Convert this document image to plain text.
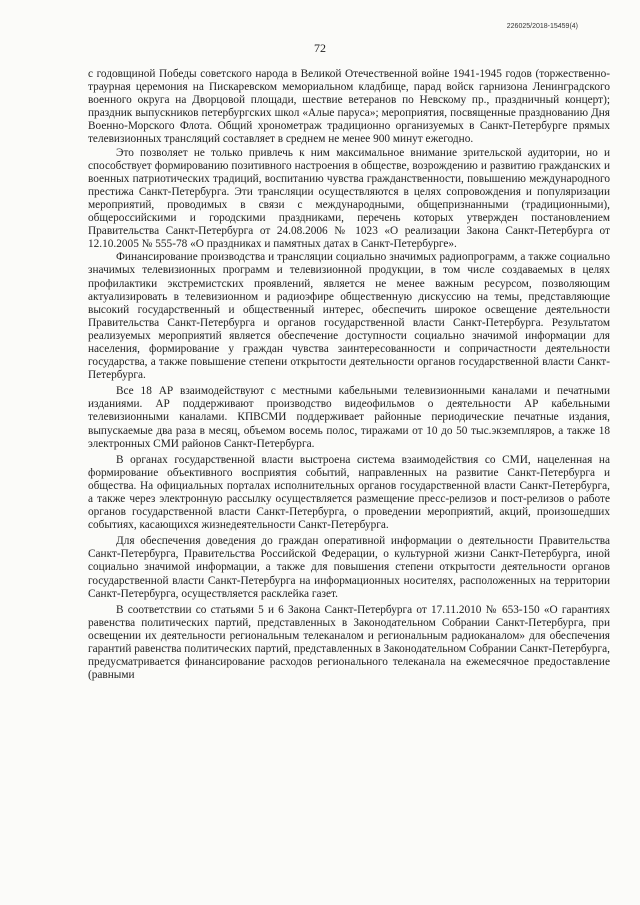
226025/2018-15459(4)
72

с годовщиной Победы советского народа в Великой Отечественной войне 1941-1945 годов (торжественно-траурная церемония на Пискаревском мемориальном кладбище, парад войск гарнизона Ленинградского военного округа на Дворцовой площади, шествие ветеранов по Невскому пр., праздничный концерт); праздник выпускников петербургских школ «Алые паруса»; мероприятия, посвященные празднованию Дня Военно-Морского Флота. Общий хронометраж традиционно организуемых в Санкт-Петербурге прямых телевизионных трансляций составляет в среднем не менее 900 минут ежегодно.

Это позволяет не только привлечь к ним максимальное внимание зрительской аудитории, но и способствует формированию позитивного настроения в обществе, возрождению и развитию гражданских и военных патриотических традиций, воспитанию чувства гражданственности, повышению международного престижа Санкт-Петербурга. Эти трансляции осуществляются в целях сопровождения и популяризации мероприятий, проводимых в связи с международными, общепризнанными (традиционными), общероссийскими и городскими праздниками, перечень которых утвержден постановлением Правительства Санкт-Петербурга от 24.08.2006 № 1023 «О реализации Закона Санкт-Петербурга от 12.10.2005 № 555-78 «О праздниках и памятных датах в Санкт-Петербурге».

Финансирование производства и трансляции социально значимых радиопрограмм, а также социально значимых телевизионных программ и телевизионной продукции, в том числе создаваемых в целях профилактики экстремистских проявлений, является не менее важным ресурсом, позволяющим актуализировать в телевизионном и радиоэфире общественную дискуссию на темы, представляющие высокий государственный и общественный интерес, обеспечить широкое освещение деятельности Правительства Санкт-Петербурга и органов государственной власти Санкт-Петербурга. Результатом реализуемых мероприятий является обеспечение доступности социально значимой информации для населения, формирование у граждан чувства заинтересованности и сопричастности деятельности государства, а также повышение степени открытости деятельности органов государственной власти Санкт-Петербурга.

Все 18 АР взаимодействуют с местными кабельными телевизионными каналами и печатными изданиями. АР поддерживают производство видеофильмов о деятельности АР кабельными телевизионными каналами. КПВСМИ поддерживает районные периодические печатные издания, выпускаемые два раза в месяц, объемом восемь полос, тиражами от 10 до 50 тыс.экземпляров, а также 18 электронных СМИ районов Санкт-Петербурга.

В органах государственной власти выстроена система взаимодействия со СМИ, нацеленная на формирование объективного восприятия событий, направленных на развитие Санкт-Петербурга и общества. На официальных порталах исполнительных органов государственной власти Санкт-Петербурга, а также через электронную рассылку осуществляется размещение пресс-релизов и пост-релизов о работе органов государственной власти Санкт-Петербурга, о проведении мероприятий, акций, произошедших событиях, касающихся жизнедеятельности Санкт-Петербурга.

Для обеспечения доведения до граждан оперативной информации о деятельности Правительства Санкт-Петербурга, Правительства Российской Федерации, о культурной жизни Санкт-Петербурга, иной социально значимой информации, а также для повышения степени открытости деятельности органов государственной власти Санкт-Петербурга на информационных носителях, расположенных на территории Санкт-Петербурга, осуществляется расклейка газет.

В соответствии со статьями 5 и 6 Закона Санкт-Петербурга от 17.11.2010 № 653-150 «О гарантиях равенства политических партий, представленных в Законодательном Собрании Санкт-Петербурга, при освещении их деятельности региональным телеканалом и региональным радиоканалом» для обеспечения гарантий равенства политических партий, представленных в Законодательном Собрании Санкт-Петербурга, предусматривается финансирование расходов регионального телеканала на ежемесячное предоставление (равными
